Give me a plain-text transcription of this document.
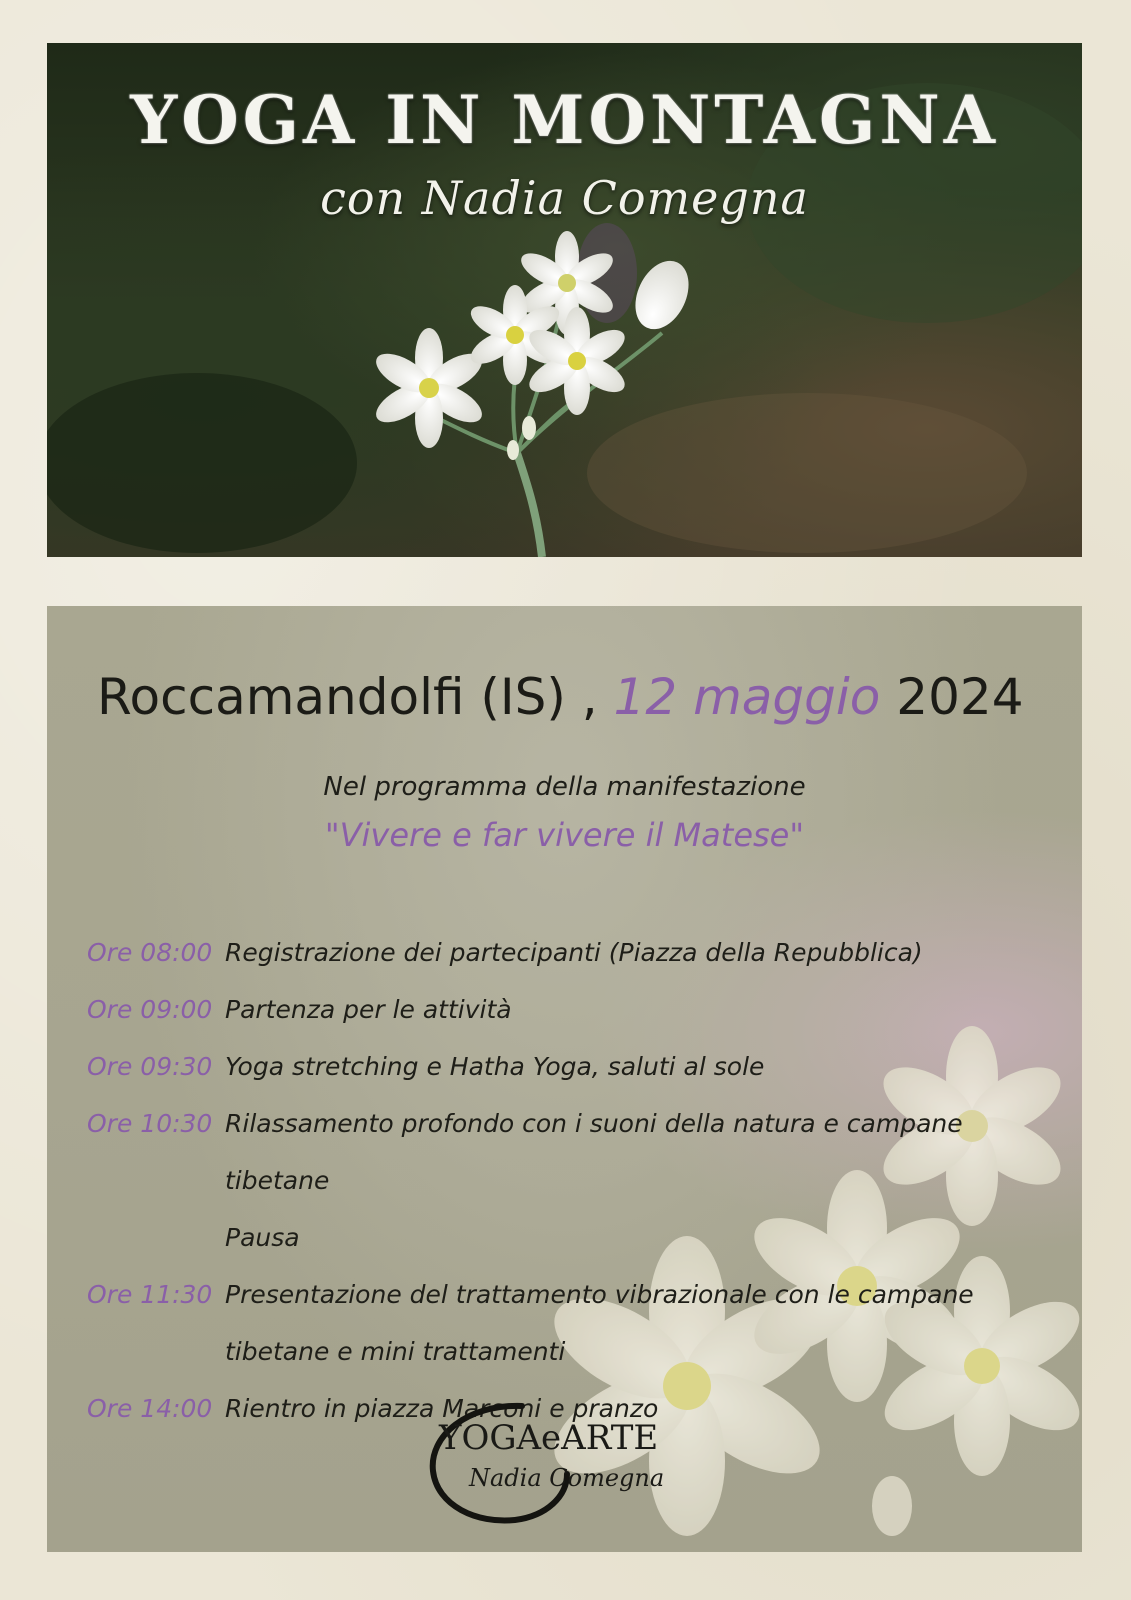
YOGA IN MONTAGNA
con Nadia Comegna
Roccamandolfi (IS) , 12 maggio 2024
Nel programma della manifestazione
"Vivere e far vivere il Matese"
Ore 08:00 Registrazione dei partecipanti (Piazza della Repubblica)
Ore 09:00 Partenza per le attività
Ore 09:30 Yoga stretching e Hatha Yoga, saluti al sole
Ore 10:30 Rilassamento profondo con i suoni della natura e campane tibetane
Pausa
Ore 11:30 Presentazione del trattamento vibrazionale con le campane
tibetane e mini trattamenti
Ore 14:00 Rientro in piazza Marconi e pranzo
YOGAeARTE
Nadia Comegna
